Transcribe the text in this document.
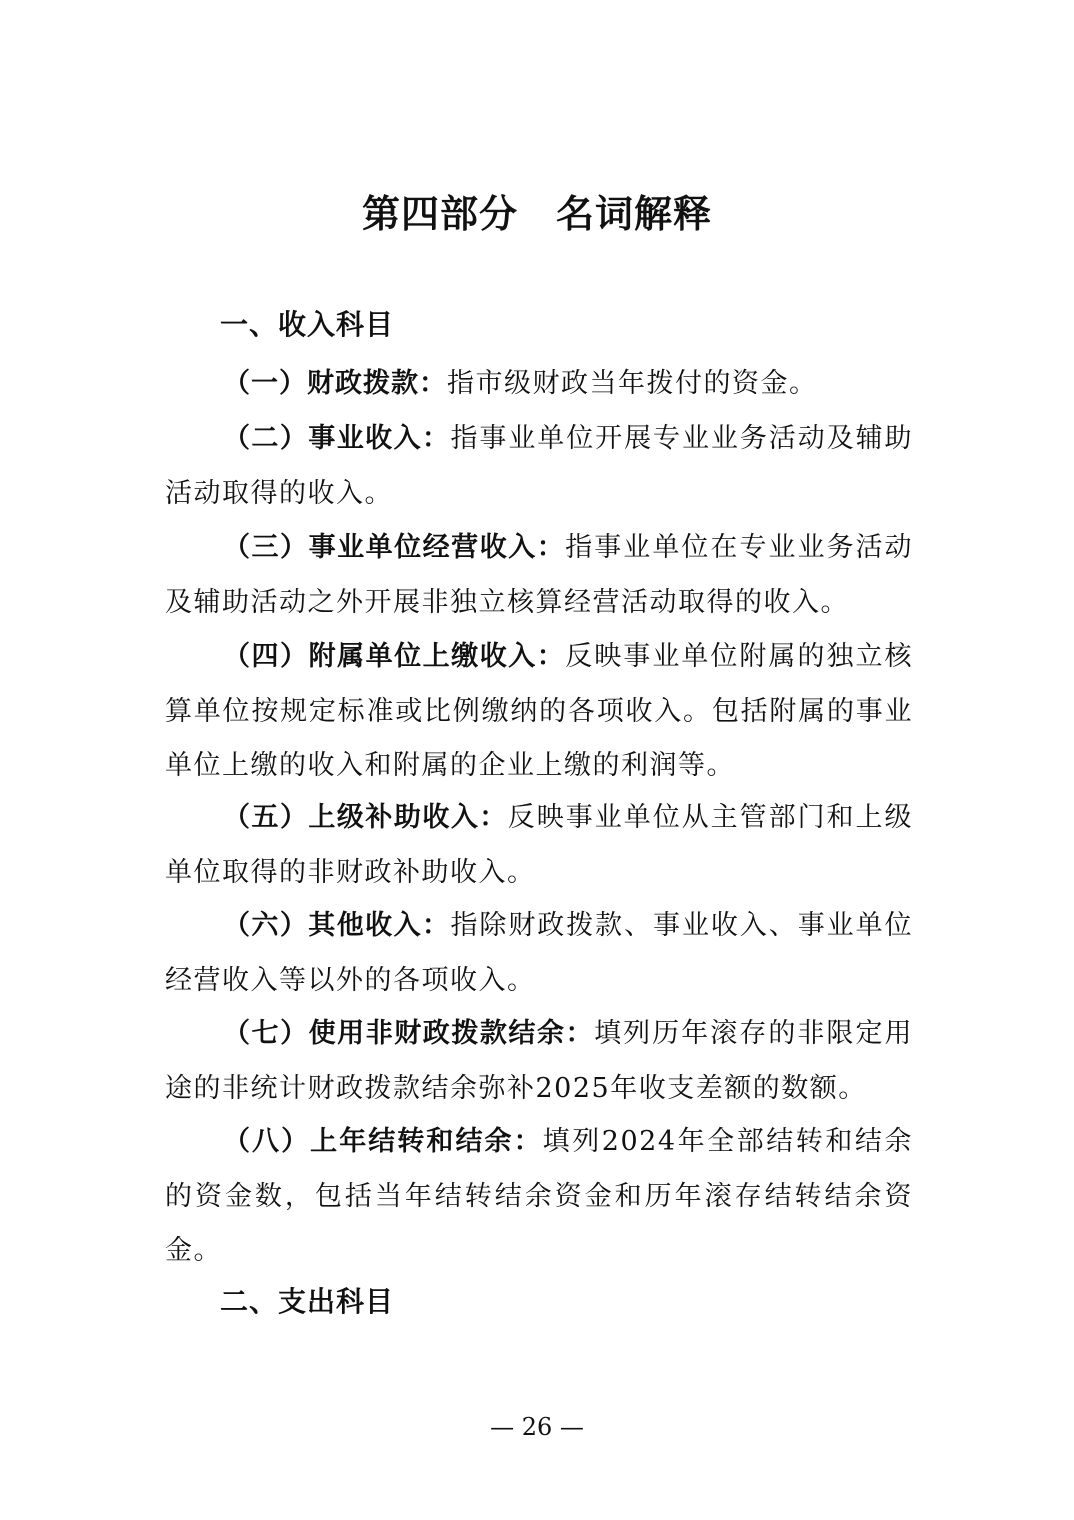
第四部分 名词解释
一、收入科目
（一）财政拨款：指市级财政当年拨付的资金。
（二）事业收入：指事业单位开展专业业务活动及辅助活动取得的收入。
（三）事业单位经营收入：指事业单位在专业业务活动及辅助活动之外开展非独立核算经营活动取得的收入。
（四）附属单位上缴收入：反映事业单位附属的独立核算单位按规定标准或比例缴纳的各项收入。包括附属的事业单位上缴的收入和附属的企业上缴的利润等。
（五）上级补助收入：反映事业单位从主管部门和上级单位取得的非财政补助收入。
（六）其他收入：指除财政拨款、事业收入、事业单位经营收入等以外的各项收入。
（七）使用非财政拨款结余：填列历年滚存的非限定用途的非统计财政拨款结余弥补2025年收支差额的数额。
（八）上年结转和结余：填列2024年全部结转和结余的资金数，包括当年结转结余资金和历年滚存结转结余资金。
二、支出科目
— 26 —
